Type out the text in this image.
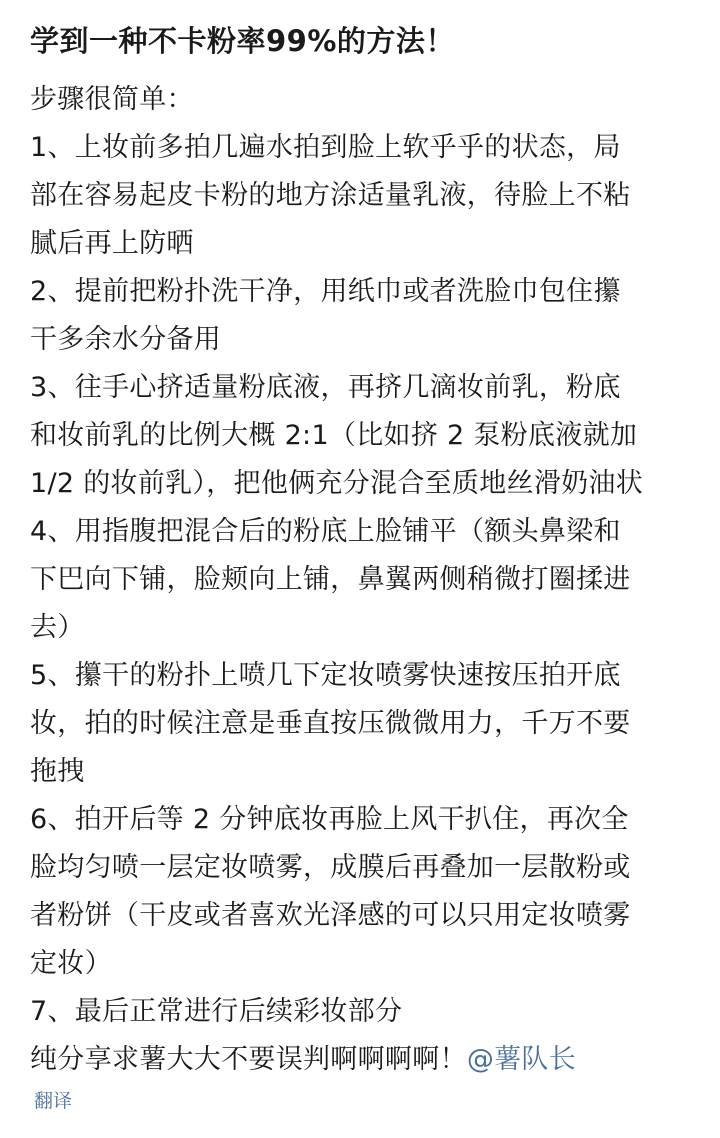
学到一种不卡粉率99%的方法！
步骤很简单：
1、上妆前多拍几遍水拍到脸上软乎乎的状态，局
部在容易起皮卡粉的地方涂适量乳液，待脸上不粘
腻后再上防晒
2、提前把粉扑洗干净，用纸巾或者洗脸巾包住攥
干多余水分备用
3、往手心挤适量粉底液，再挤几滴妆前乳，粉底
和妆前乳的比例大概 2:1（比如挤 2 泵粉底液就加
1/2 的妆前乳），把他俩充分混合至质地丝滑奶油状
4、用指腹把混合后的粉底上脸铺平（额头鼻梁和
下巴向下铺，脸颊向上铺，鼻翼两侧稍微打圈揉进
去）
5、攥干的粉扑上喷几下定妆喷雾快速按压拍开底
妆，拍的时候注意是垂直按压微微用力，千万不要
拖拽
6、拍开后等 2 分钟底妆再脸上风干扒住，再次全
脸均匀喷一层定妆喷雾，成膜后再叠加一层散粉或
者粉饼（干皮或者喜欢光泽感的可以只用定妆喷雾
定妆）
7、最后正常进行后续彩妆部分
纯分享求薯大大不要误判啊啊啊啊！@薯队长
翻译
